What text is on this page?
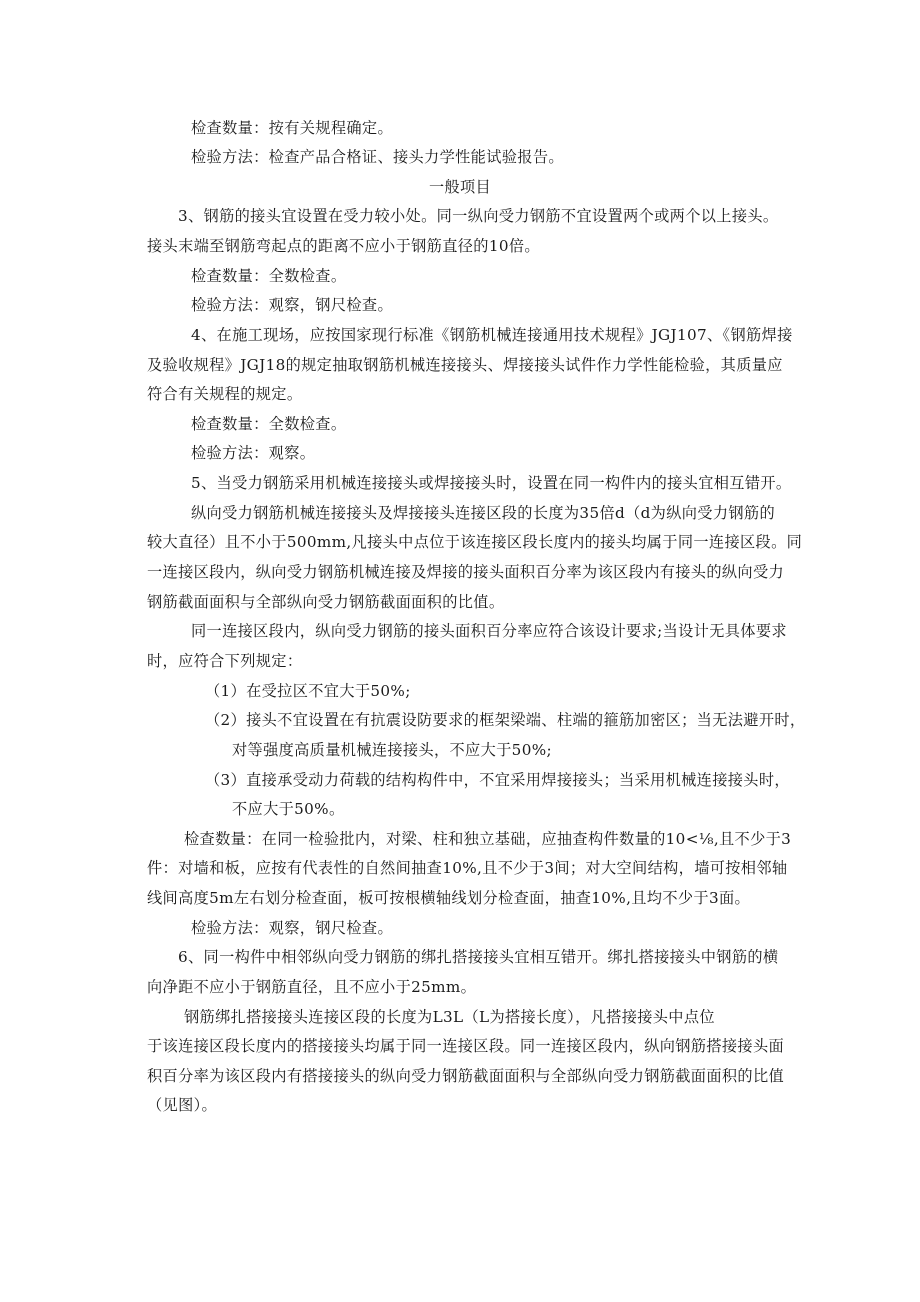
检查数量：按有关规程确定。
检验方法：检查产品合格证、接头力学性能试验报告。
一般项目
3、钢筋的接头宜设置在受力较小处。同一纵向受力钢筋不宜设置两个或两个以上接头。
接头末端至钢筋弯起点的距离不应小于钢筋直径的10倍。
检查数量：全数检查。
检验方法：观察，钢尺检查。
4、在施工现场，应按国家现行标准《钢筋机械连接通用技术规程》JGJ107、《钢筋焊接
及验收规程》JGJ18的规定抽取钢筋机械连接接头、焊接接头试件作力学性能检验，其质量应
符合有关规程的规定。
检查数量：全数检查。
检验方法：观察。
5、当受力钢筋采用机械连接接头或焊接接头时，设置在同一构件内的接头宜相互错开。
纵向受力钢筋机械连接接头及焊接接头连接区段的长度为35倍d（d为纵向受力钢筋的
较大直径）且不小于500mm,凡接头中点位于该连接区段长度内的接头均属于同一连接区段。同
一连接区段内，纵向受力钢筋机械连接及焊接的接头面积百分率为该区段内有接头的纵向受力
钢筋截面面积与全部纵向受力钢筋截面面积的比值。
同一连接区段内，纵向受力钢筋的接头面积百分率应符合该设计要求;当设计无具体要求
时，应符合下列规定：
（1）在受拉区不宜大于50%;
（2）接头不宜设置在有抗震设防要求的框架梁端、柱端的箍筋加密区；当无法避开时，
对等强度高质量机械连接接头，不应大于50%;
（3）直接承受动力荷载的结构构件中，不宜采用焊接接头；当采用机械连接接头时，
不应大于50%。
检查数量：在同一检验批内，对梁、柱和独立基础，应抽查构件数量的10<⅛,且不少于3
件：对墙和板，应按有代表性的自然间抽查10%,且不少于3间；对大空间结构，墙可按相邻轴
线间高度5m左右划分检查面，板可按根横轴线划分检查面，抽查10%,且均不少于3面。
检验方法：观察，钢尺检查。
6、同一构件中相邻纵向受力钢筋的绑扎搭接接头宜相互错开。绑扎搭接接头中钢筋的横
向净距不应小于钢筋直径，且不应小于25mm。
钢筋绑扎搭接接头连接区段的长度为L3L（L为搭接长度），凡搭接接头中点位
于该连接区段长度内的搭接接头均属于同一连接区段。同一连接区段内，纵向钢筋搭接接头面
积百分率为该区段内有搭接接头的纵向受力钢筋截面面积与全部纵向受力钢筋截面面积的比值
（见图）。
